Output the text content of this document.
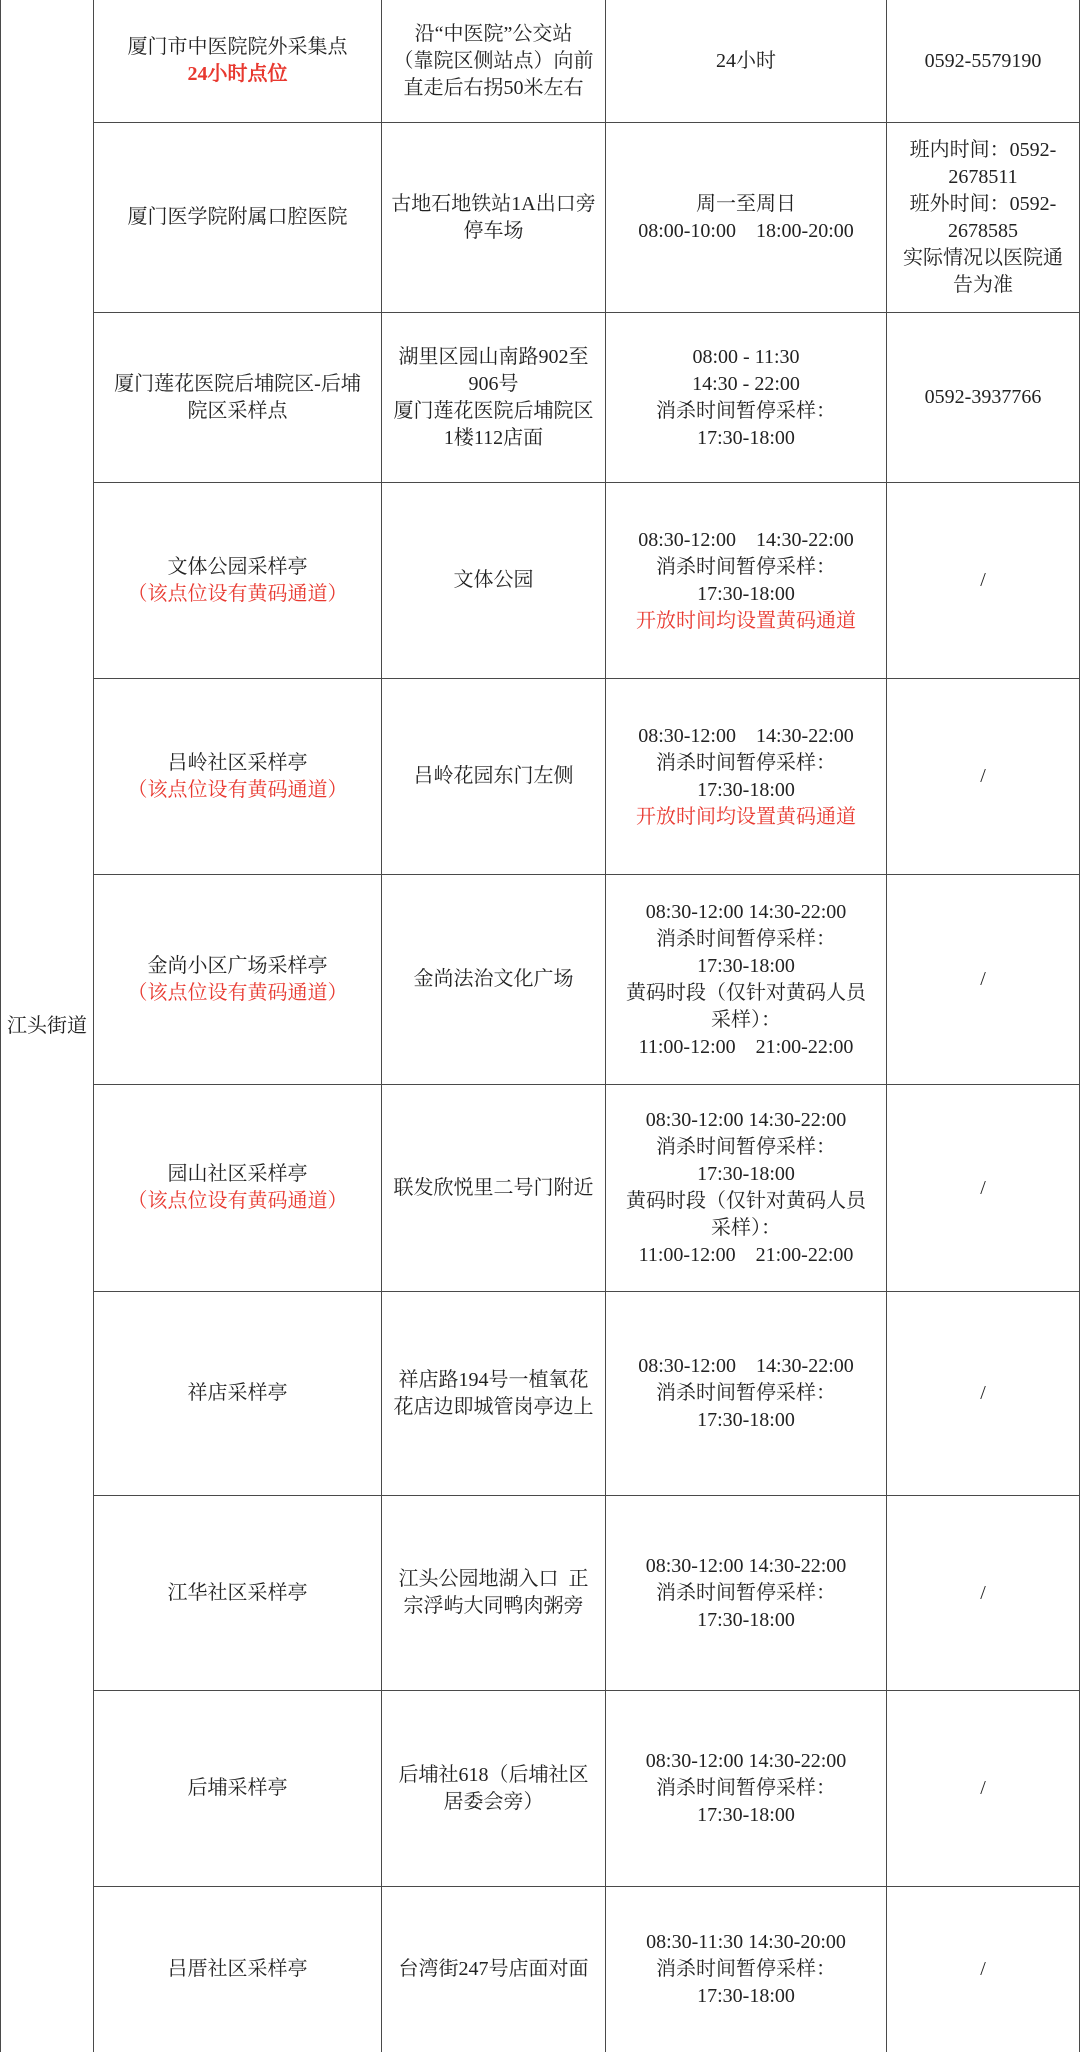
江头街道
厦门市中医院院外采集点
24小时点位
沿“中医院”公交站
（靠院区侧站点）向前
直走后右拐50米左右
24小时	0592-5579190
厦门医学院附属口腔医院
古地石地铁站1A出口旁
停车场
周一至周日
08:00-10:00　18:00-20:00
班内时间：0592-
2678511
班外时间：0592-
2678585
实际情况以医院通
告为准
厦门莲花医院后埔院区-后埔
院区采样点
湖里区园山南路902至
906号
厦门莲花医院后埔院区
1楼112店面
08:00 - 11:30
14:30 - 22:00
消杀时间暂停采样：
17:30-18:00
0592-3937766
文体公园采样亭
（该点位设有黄码通道）
文体公园
08:30-12:00　14:30-22:00
消杀时间暂停采样：
17:30-18:00
开放时间均设置黄码通道
/
吕岭社区采样亭
（该点位设有黄码通道）
吕岭花园东门左侧
08:30-12:00　14:30-22:00
消杀时间暂停采样：
17:30-18:00
开放时间均设置黄码通道
/
金尚小区广场采样亭
（该点位设有黄码通道）
金尚法治文化广场
08:30-12:00 14:30-22:00
消杀时间暂停采样：
17:30-18:00
黄码时段（仅针对黄码人员
采样）：
11:00-12:00　21:00-22:00
/
园山社区采样亭
（该点位设有黄码通道）
联发欣悦里二号门附近
08:30-12:00 14:30-22:00
消杀时间暂停采样：
17:30-18:00
黄码时段（仅针对黄码人员
采样）：
11:00-12:00　21:00-22:00
/
祥店采样亭
祥店路194号一植氧花
花店边即城管岗亭边上
08:30-12:00　14:30-22:00
消杀时间暂停采样：
17:30-18:00
/
江华社区采样亭
江头公园地湖入口 正
宗浮屿大同鸭肉粥旁
08:30-12:00 14:30-22:00
消杀时间暂停采样：
17:30-18:00
/
后埔采样亭
后埔社618（后埔社区
居委会旁）
08:30-12:00 14:30-22:00
消杀时间暂停采样：
17:30-18:00
/
吕厝社区采样亭	台湾街247号店面对面
08:30-11:30 14:30-20:00
消杀时间暂停采样：
17:30-18:00
/
